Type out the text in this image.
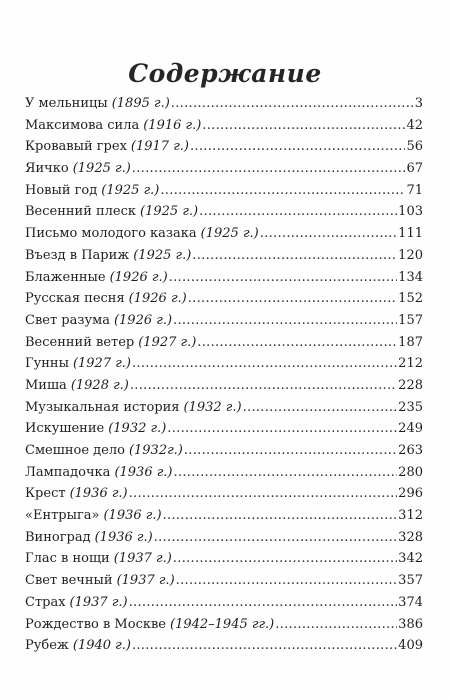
Содержание
У мельницы (1895 г.) .....	3
Максимова сила (1916 г.) .....	42
Кровавый грех (1917 г.) .....	56
Яичко (1925 г.) .....	67
Новый год (1925 г.) .....	71
Весенний плеск (1925 г.) .....	103
Письмо молодого казака (1925 г.) .....	111
Въезд в Париж (1925 г.) .....	120
Блаженные (1926 г.) .....	134
Русская песня (1926 г.) .....	152
Свет разума (1926 г.) .....	157
Весенний ветер (1927 г.) .....	187
Гунны (1927 г.) .....	212
Миша (1928 г.) .....	228
Музыкальная история (1932 г.) .....	235
Искушение (1932 г.) .....	249
Смешное дело (1932г.) .....	263
Лампадочка (1936 г.) .....	280
Крест (1936 г.) .....	296
«Ентрыга» (1936 г.) .....	312
Виноград (1936 г.) .....	328
Глас в нощи (1937 г.) .....	342
Свет вечный (1937 г.) .....	357
Страх (1937 г.) .....	374
Рождество в Москве (1942–1945 гг.) .....	386
Рубеж (1940 г.) .....	409
